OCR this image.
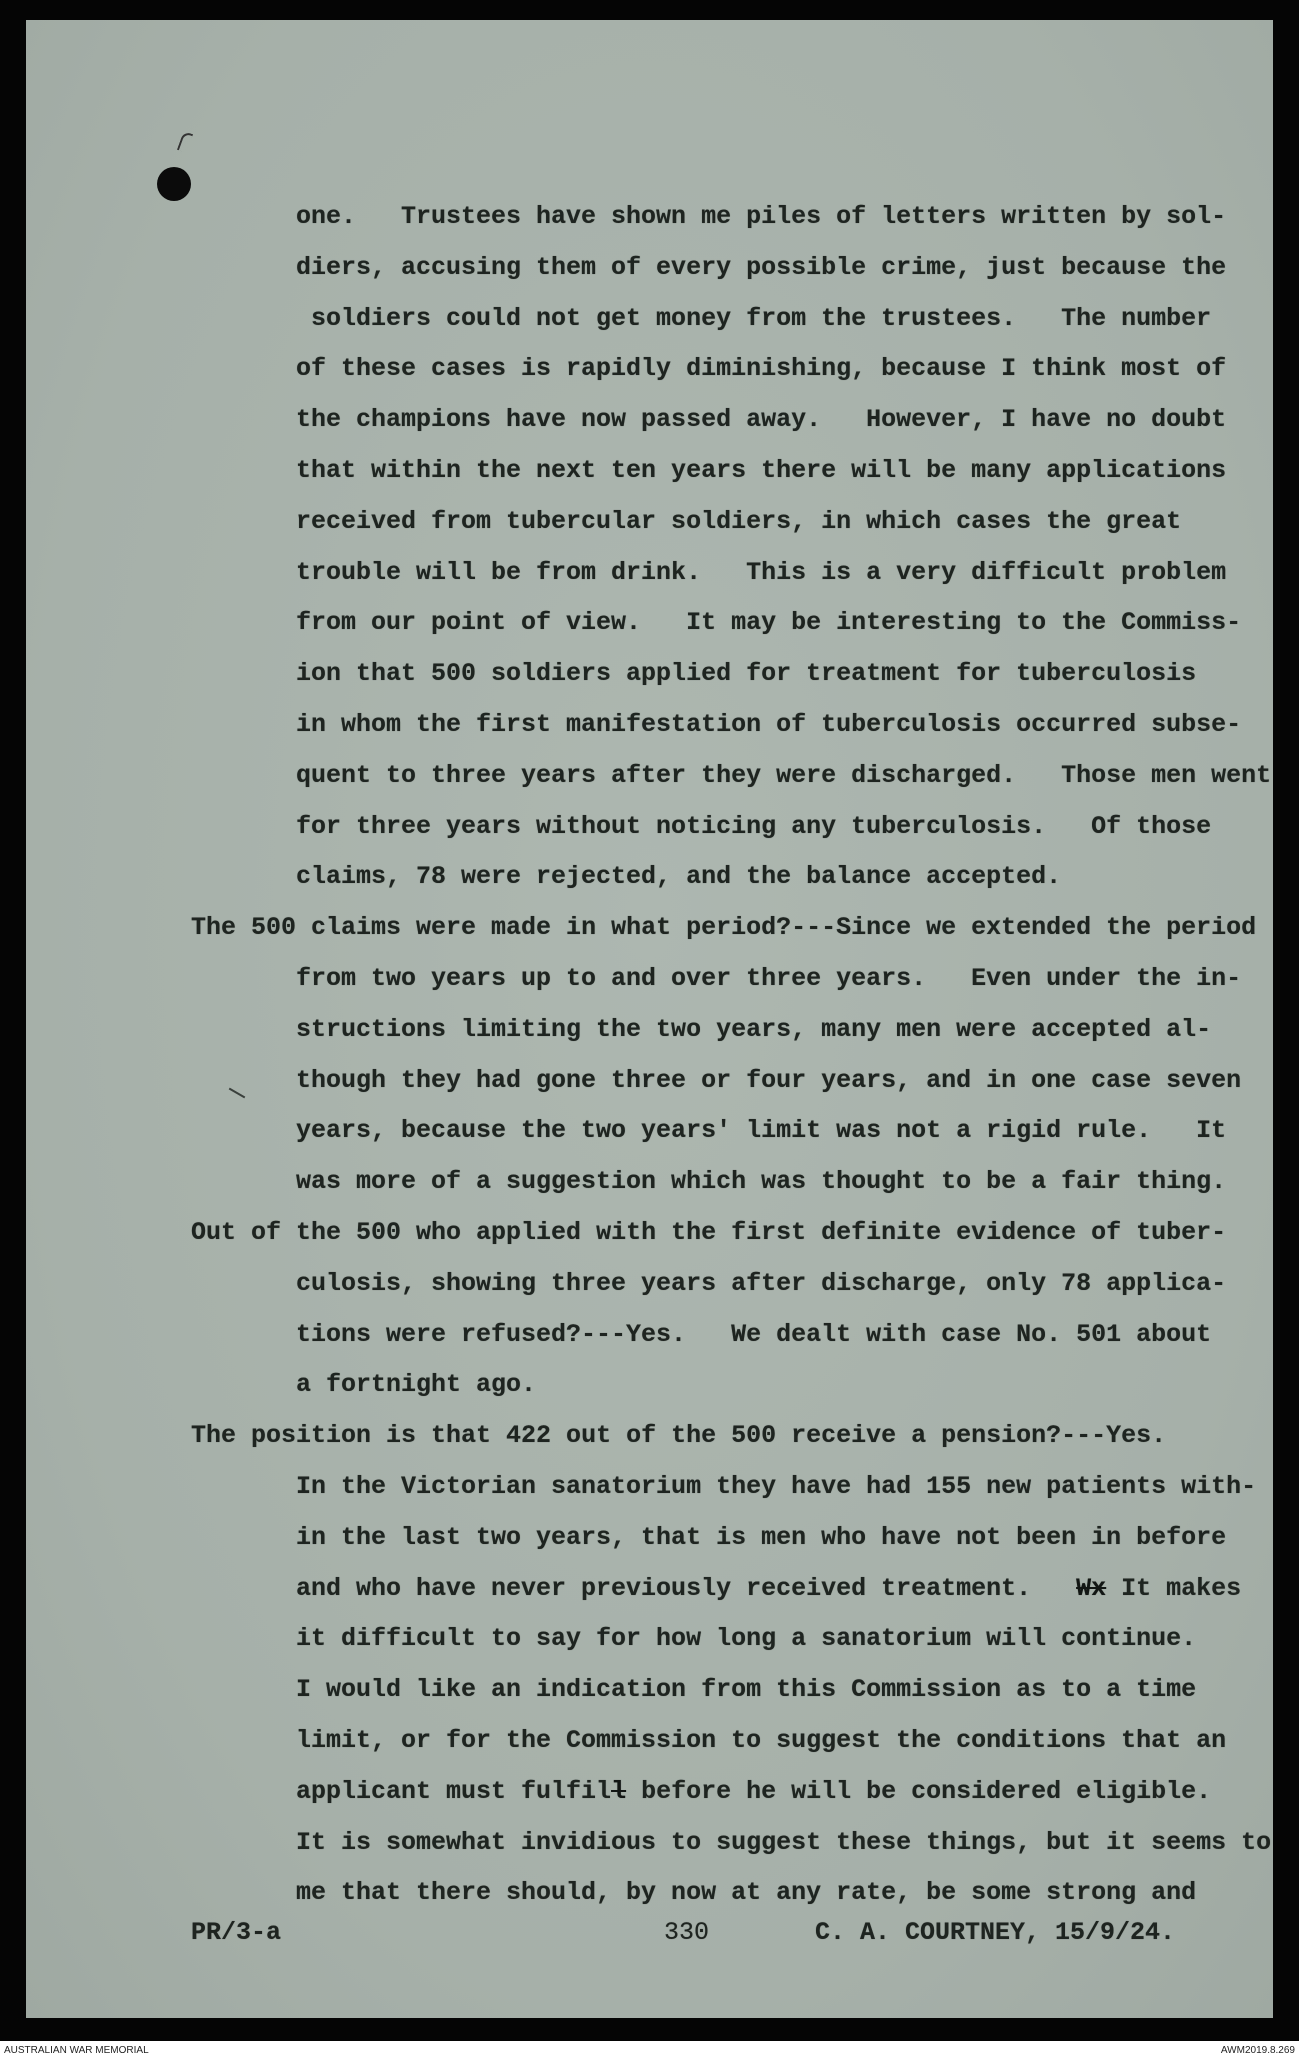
one.   Trustees have shown me piles of letters written by sol-
diers, accusing them of every possible crime, just because the
soldiers could not get money from the trustees.   The number
of these cases is rapidly diminishing, because I think most of
the champions have now passed away.   However, I have no doubt
that within the next ten years there will be many applications
received from tubercular soldiers, in which cases the great
trouble will be from drink.   This is a very difficult problem
from our point of view.   It may be interesting to the Commiss-
ion that 500 soldiers applied for treatment for tuberculosis
in whom the first manifestation of tuberculosis occurred subse-
quent to three years after they were discharged.   Those men went
for three years without noticing any tuberculosis.   Of those
claims, 78 were rejected, and the balance accepted.
The 500 claims were made in what period?---Since we extended the period
from two years up to and over three years.   Even under the in-
structions limiting the two years, many men were accepted al-
though they had gone three or four years, and in one case seven
years, because the two years' limit was not a rigid rule.   It
was more of a suggestion which was thought to be a fair thing.
Out of the 500 who applied with the first definite evidence of tuber-
culosis, showing three years after discharge, only 78 applica-
tions were refused?---Yes.   We dealt with case No. 501 about
a fortnight ago.
The position is that 422 out of the 500 receive a pension?---Yes.
In the Victorian sanatorium they have had 155 new patients with-
in the last two years, that is men who have not been in before
and who have never previously received treatment.   Wx It makes
it difficult to say for how long a sanatorium will continue.
I would like an indication from this Commission as to a time
limit, or for the Commission to suggest the conditions that an
applicant must fulfill before he will be considered eligible.
It is somewhat invidious to suggest these things, but it seems to
me that there should, by now at any rate, be some strong and

PR/3-a

	330

	C. A. COURTNEY, 15/9/24.

AUSTRALIAN WAR MEMORIAL	AWM2019.8.269
